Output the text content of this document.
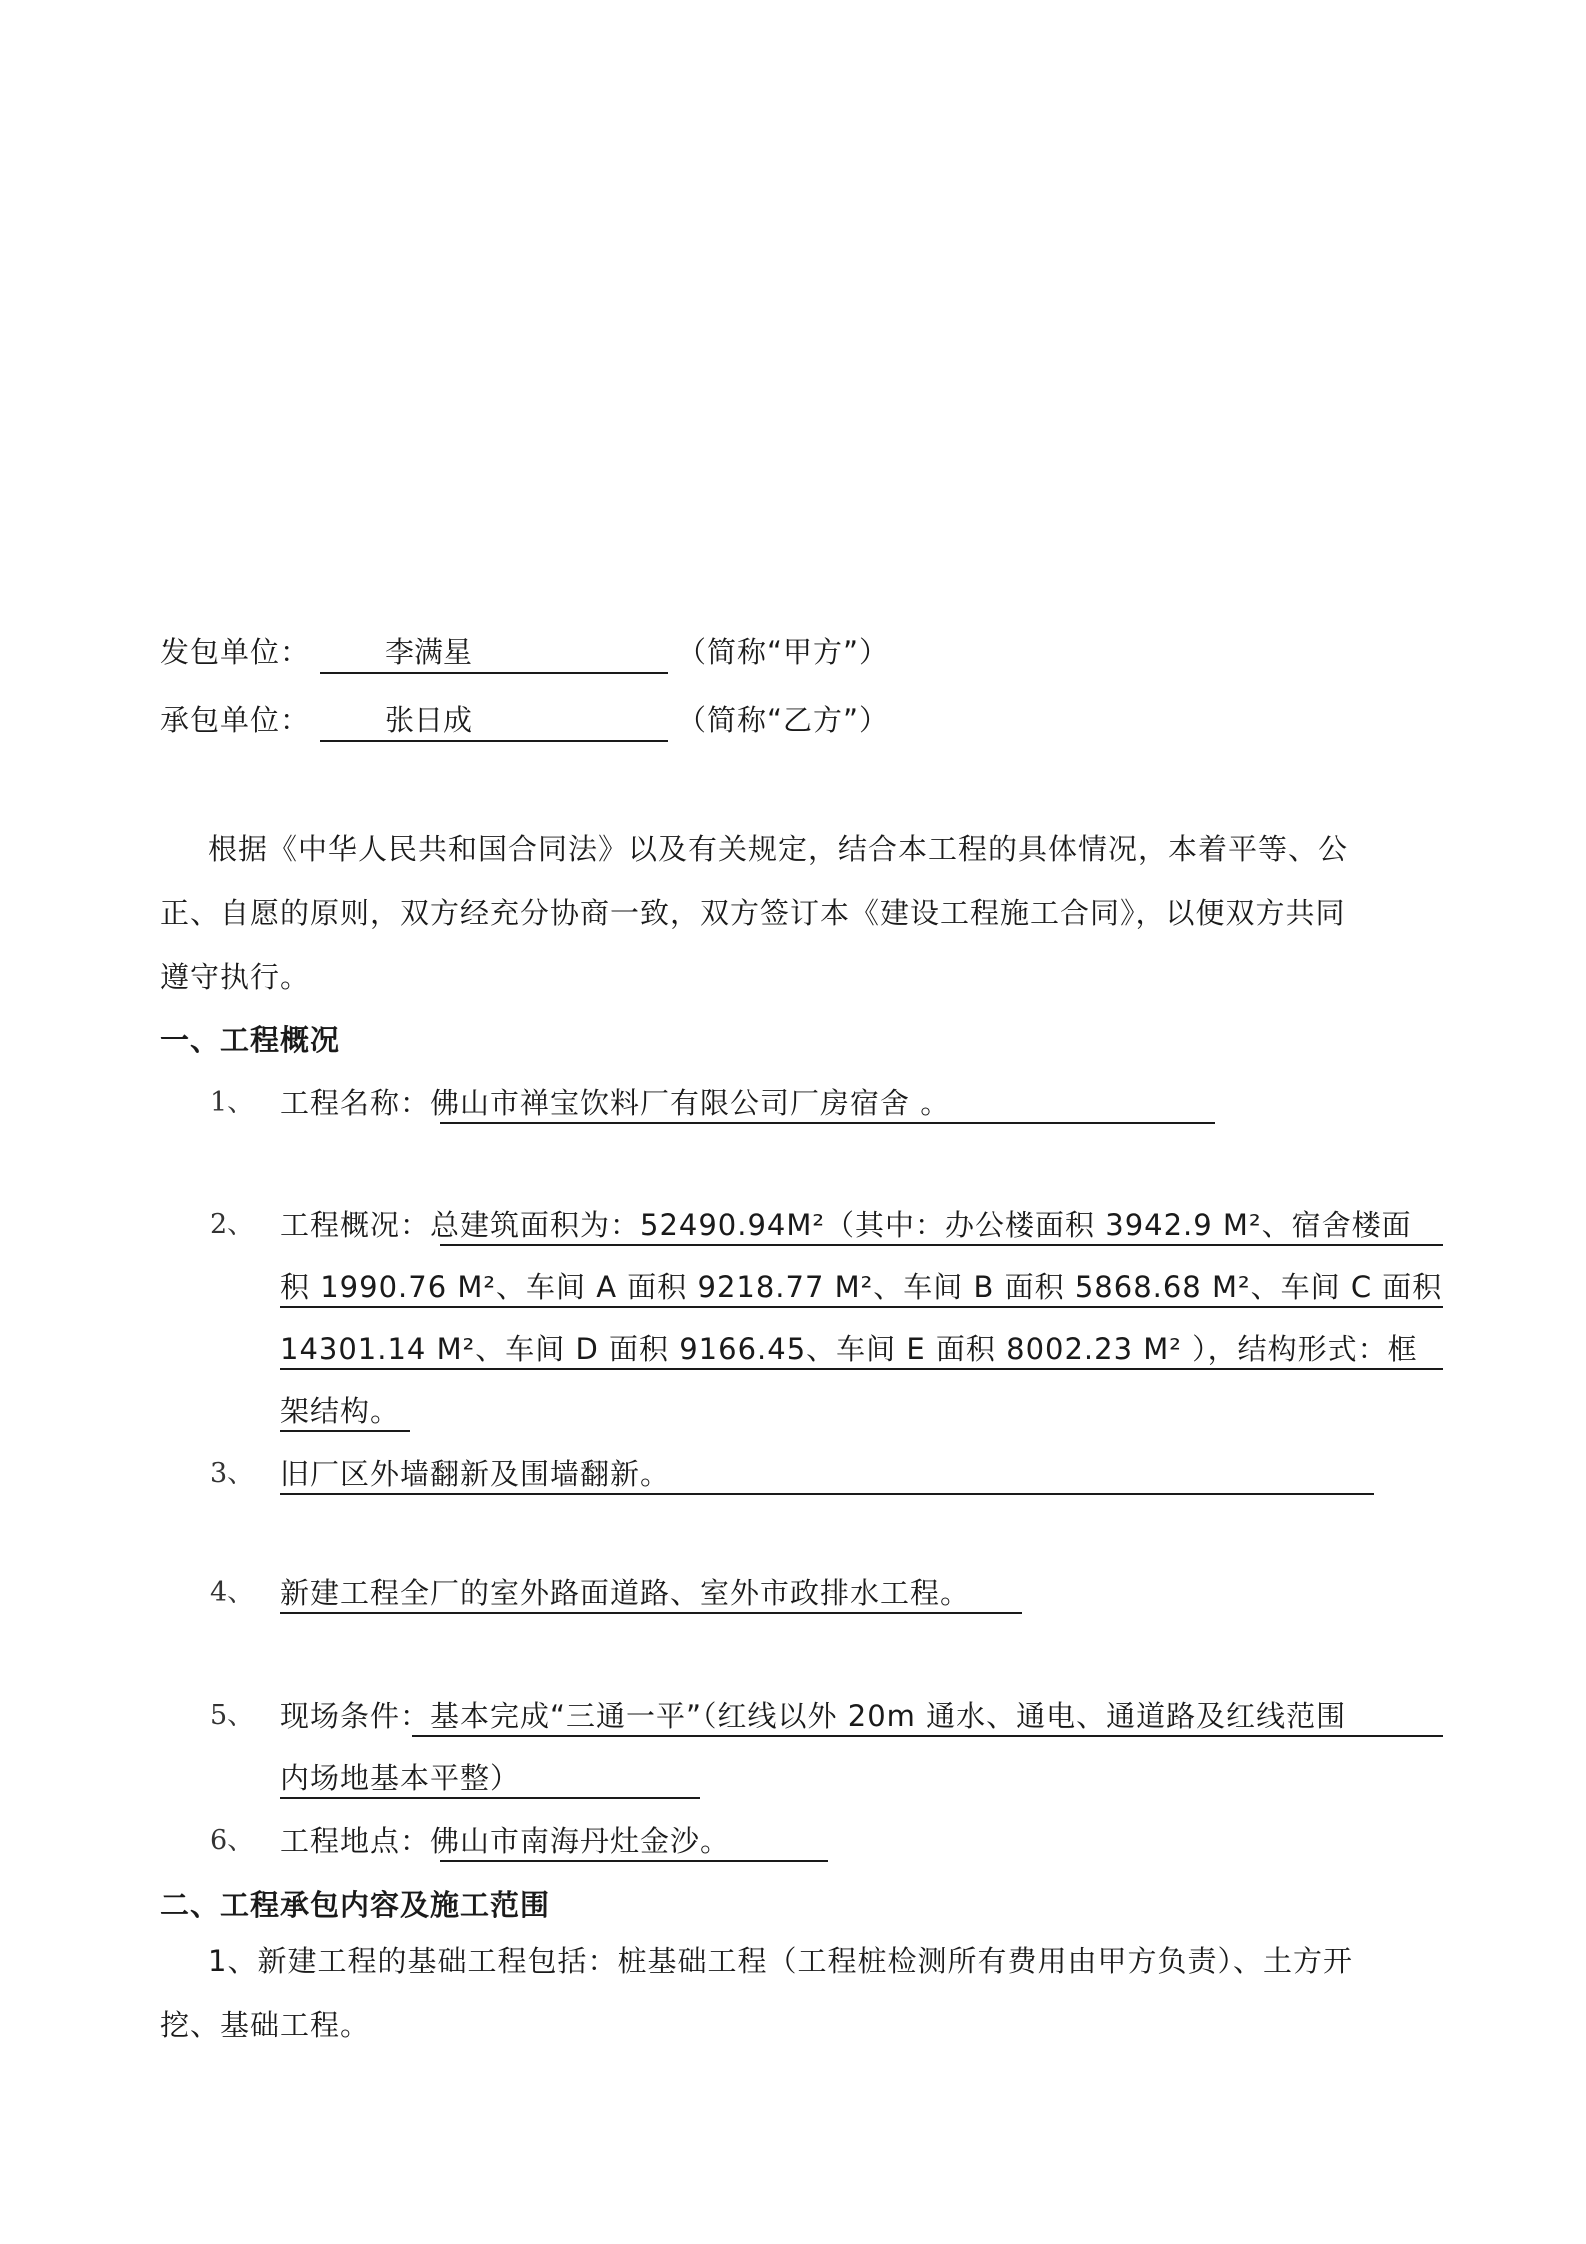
发包单位：	李满星	（简称“甲方”）
承包单位：	张日成	（简称“乙方”）
根据《中华人民共和国合同法》以及有关规定，结合本工程的具体情况，本着平等、公
正、自愿的原则，双方经充分协商一致，双方签订本《建设工程施工合同》，以便双方共同
遵守执行。
一、工程概况
1、 工程名称：佛山市禅宝饮料厂有限公司厂房宿舍 。
2、 工程概况：总建筑面积为：52490.94M²（其中：办公楼面积 3942.9 M²、宿舍楼面
积 1990.76 M²、车间 A 面积 9218.77 M²、车间 B 面积 5868.68 M²、车间 C 面积
14301.14 M²、车间 D 面积 9166.45、车间 E 面积 8002.23 M² ），结构形式：框
架结构。
3、 旧厂区外墙翻新及围墙翻新。
4、 新建工程全厂的室外路面道路、室外市政排水工程。
5、 现场条件：基本完成“三通一平”（红线以外 20m 通水、通电、通道路及红线范围
内场地基本平整）
6、 工程地点：佛山市南海丹灶金沙。
二、工程承包内容及施工范围
1、新建工程的基础工程包括：桩基础工程（工程桩检测所有费用由甲方负责）、土方开
挖、基础工程。
